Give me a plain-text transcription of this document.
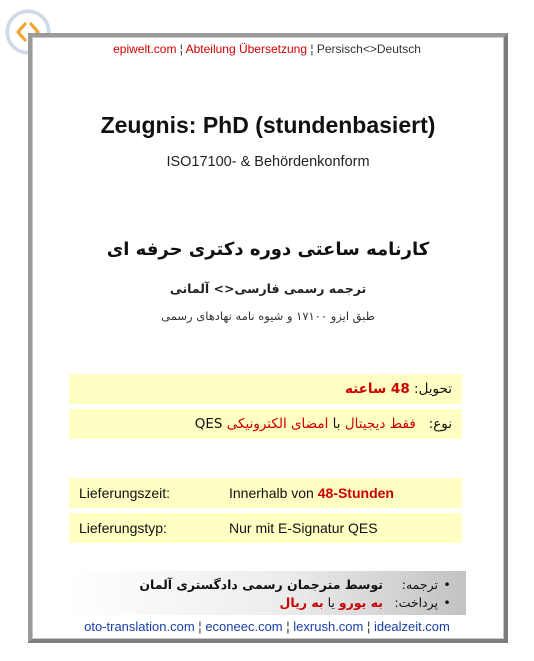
epiwelt.com ¦ Abteilung Übersetzung ¦ Persisch<>Deutsch
Zeugnis: PhD (stundenbasiert)
ISO17100- & Behördenkonform
کارنامه ساعتی دوره دکتری حرفه ای
ترجمه رسمی فارسی<> آلمانی
طبق ایزو ۱۷۱۰۰ و شیوه نامه نهادهای رسمی
تحویل:

48 ساعته
نوع:

فقط دیجیتال

با

امضای الکترونیکی

QES
Lieferungszeit:	Innerhalb von
48-Stunden
Lieferungstyp:	Nur mit E-Signatur QES
•
ترجمه:
توسط مترجمان رسمی دادگستری آلمان
•
پرداخت:
به یورو

یا

به ریال
oto-translation.com ¦ econeec.com ¦ lexrush.com ¦ idealzeit.com
